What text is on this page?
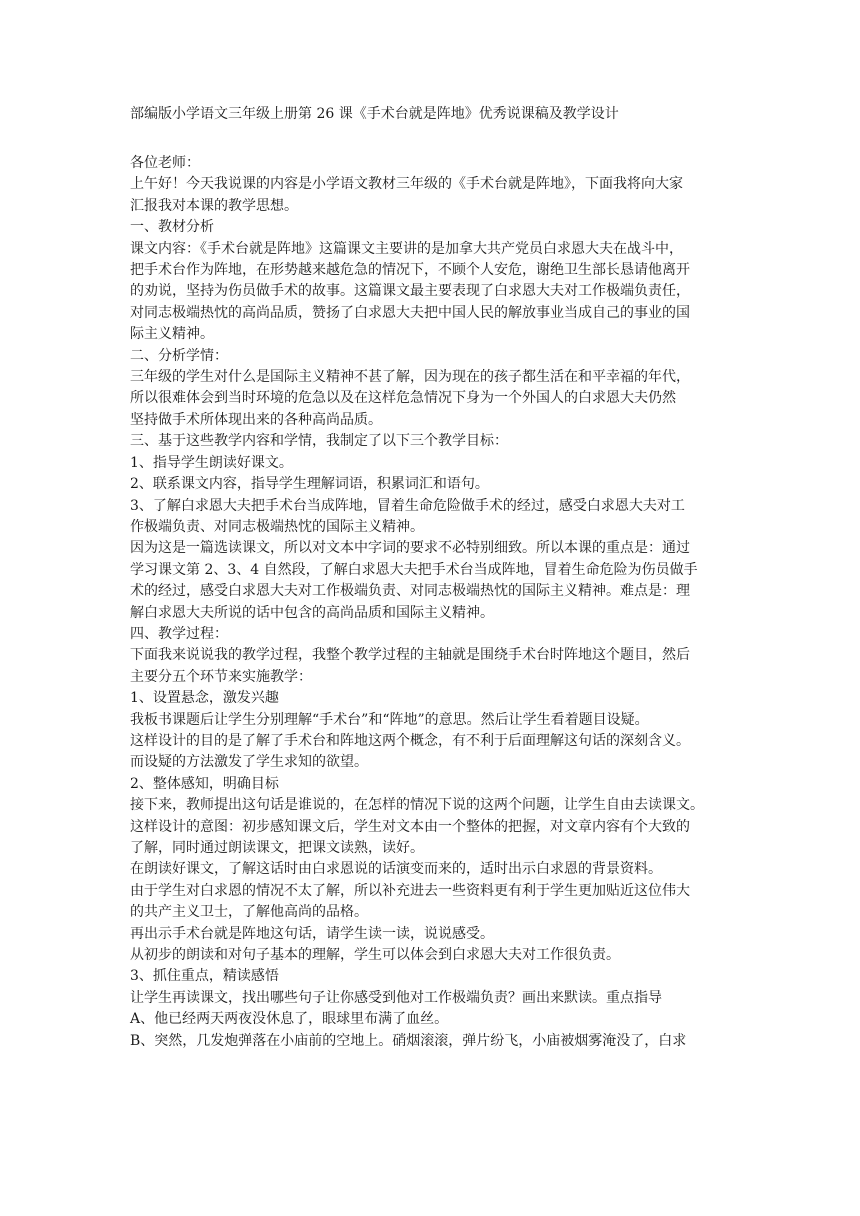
部编版小学语文三年级上册第 26 课《手术台就是阵地》优秀说课稿及教学设计

各位老师：

上午好！今天我说课的内容是小学语文教材三年级的《手术台就是阵地》，下面我将向大家

汇报我对本课的教学思想。

一、教材分析

课文内容：《手术台就是阵地》这篇课文主要讲的是加拿大共产党员白求恩大夫在战斗中，

把手术台作为阵地，在形势越来越危急的情况下，不顾个人安危，谢绝卫生部长恳请他离开

的劝说，坚持为伤员做手术的故事。这篇课文最主要表现了白求恩大夫对工作极端负责任，

对同志极端热忱的高尚品质，赞扬了白求恩大夫把中国人民的解放事业当成自己的事业的国

际主义精神。

二、分析学情：

三年级的学生对什么是国际主义精神不甚了解，因为现在的孩子都生活在和平幸福的年代，

所以很难体会到当时环境的危急以及在这样危急情况下身为一个外国人的白求恩大夫仍然

坚持做手术所体现出来的各种高尚品质。

三、基于这些教学内容和学情，我制定了以下三个教学目标：

1、指导学生朗读好课文。

2、联系课文内容，指导学生理解词语，积累词汇和语句。

3、了解白求恩大夫把手术台当成阵地，冒着生命危险做手术的经过，感受白求恩大夫对工

作极端负责、对同志极端热忱的国际主义精神。

因为这是一篇选读课文，所以对文本中字词的要求不必特别细致。所以本课的重点是：通过

学习课文第 2、3、4 自然段，了解白求恩大夫把手术台当成阵地，冒着生命危险为伤员做手

术的经过，感受白求恩大夫对工作极端负责、对同志极端热忱的国际主义精神。难点是：理

解白求恩大夫所说的话中包含的高尚品质和国际主义精神。

四、教学过程：

下面我来说说我的教学过程，我整个教学过程的主轴就是围绕手术台时阵地这个题目，然后

主要分五个环节来实施教学：

1、设置悬念，激发兴趣

我板书课题后让学生分别理解“手术台”和“阵地”的意思。然后让学生看着题目设疑。

这样设计的目的是了解了手术台和阵地这两个概念，有不利于后面理解这句话的深刻含义。

而设疑的方法激发了学生求知的欲望。

2、整体感知，明确目标

接下来，教师提出这句话是谁说的，在怎样的情况下说的这两个问题，让学生自由去读课文。

这样设计的意图：初步感知课文后，学生对文本由一个整体的把握，对文章内容有个大致的

了解，同时通过朗读课文，把课文读熟，读好。

在朗读好课文，了解这话时由白求恩说的话演变而来的，适时出示白求恩的背景资料。

由于学生对白求恩的情况不太了解，所以补充进去一些资料更有利于学生更加贴近这位伟大

的共产主义卫士，了解他高尚的品格。

再出示手术台就是阵地这句话，请学生读一读，说说感受。

从初步的朗读和对句子基本的理解，学生可以体会到白求恩大夫对工作很负责。

3、抓住重点，精读感悟

让学生再读课文，找出哪些句子让你感受到他对工作极端负责？画出来默读。重点指导

A、他已经两天两夜没休息了，眼球里布满了血丝。

B、突然，几发炮弹落在小庙前的空地上。硝烟滚滚，弹片纷飞，小庙被烟雾淹没了，白求
